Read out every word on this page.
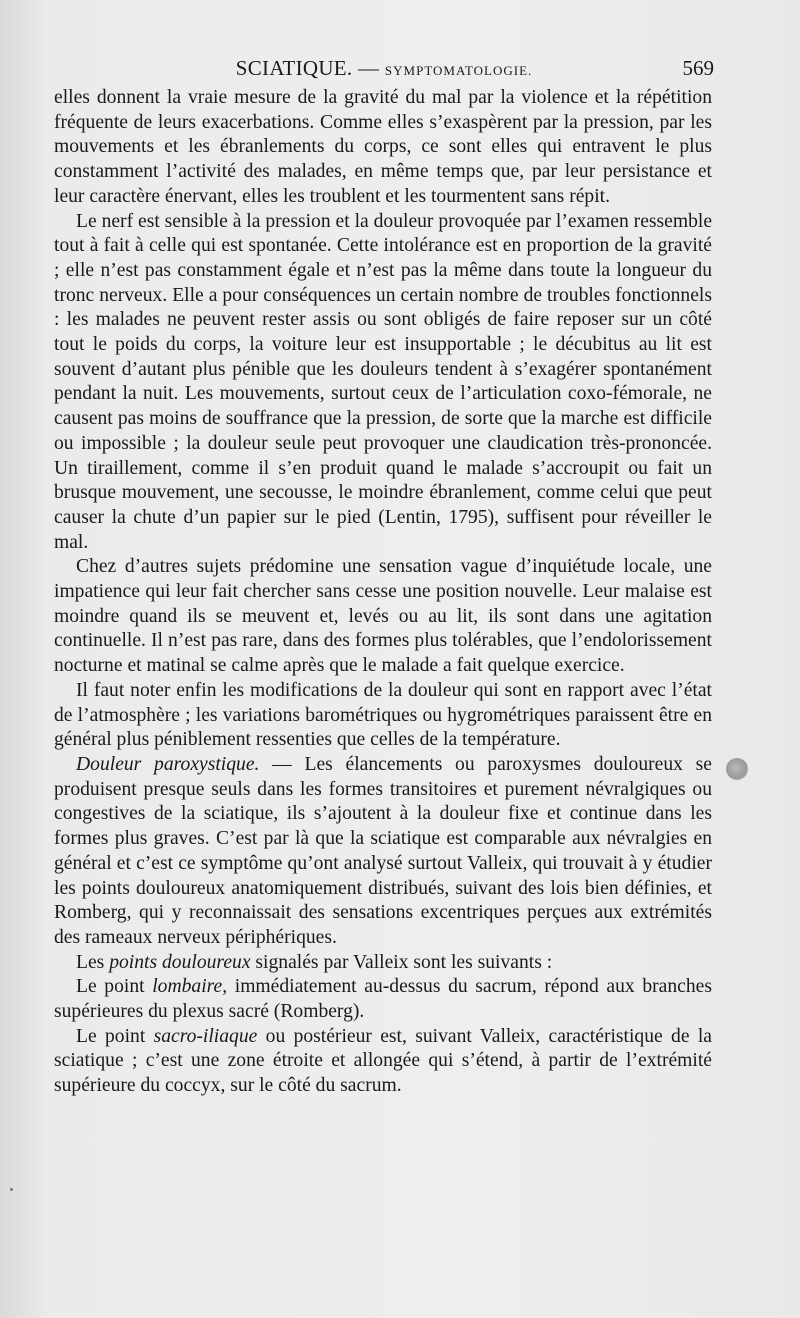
SCIATIQUE. — SYMPTOMATOLOGIE.	569

elles donnent la vraie mesure de la gravité du mal par la violence et la répétition fréquente de leurs exacerbations. Comme elles s’exaspèrent par la pression, par les mouvements et les ébranlements du corps, ce sont elles qui entravent le plus constamment l’activité des malades, en même temps que, par leur persistance et leur caractère énervant, elles les troublent et les tourmentent sans répit.

Le nerf est sensible à la pression et la douleur provoquée par l’examen ressemble tout à fait à celle qui est spontanée. Cette intolérance est en proportion de la gravité ; elle n’est pas constamment égale et n’est pas la même dans toute la longueur du tronc nerveux. Elle a pour conséquences un certain nombre de troubles fonctionnels : les malades ne peuvent rester assis ou sont obligés de faire reposer sur un côté tout le poids du corps, la voiture leur est insupportable ; le décubitus au lit est souvent d’autant plus pénible que les douleurs tendent à s’exagérer spontanément pendant la nuit. Les mouvements, surtout ceux de l’articulation coxo-fémorale, ne causent pas moins de souffrance que la pression, de sorte que la marche est difficile ou impossible ; la douleur seule peut provoquer une claudication très-prononcée. Un tiraillement, comme il s’en produit quand le malade s’accroupit ou fait un brusque mouvement, une secousse, le moindre ébranlement, comme celui que peut causer la chute d’un papier sur le pied (Lentin, 1795), suffisent pour réveiller le mal.

Chez d’autres sujets prédomine une sensation vague d’inquiétude locale, une impatience qui leur fait chercher sans cesse une position nouvelle. Leur malaise est moindre quand ils se meuvent et, levés ou au lit, ils sont dans une agitation continuelle. Il n’est pas rare, dans des formes plus tolérables, que l’endolorissement nocturne et matinal se calme après que le malade a fait quelque exercice.

Il faut noter enfin les modifications de la douleur qui sont en rapport avec l’état de l’atmosphère ; les variations barométriques ou hygrométriques paraissent être en général plus péniblement ressenties que celles de la température.

Douleur paroxystique. — Les élancements ou paroxysmes douloureux se produisent presque seuls dans les formes transitoires et purement névralgiques ou congestives de la sciatique, ils s’ajoutent à la douleur fixe et continue dans les formes plus graves. C’est par là que la sciatique est comparable aux névralgies en général et c’est ce symptôme qu’ont analysé surtout Valleix, qui trouvait à y étudier les points douloureux anatomiquement distribués, suivant des lois bien définies, et Romberg, qui y reconnaissait des sensations excentriques perçues aux extrémités des rameaux nerveux périphériques.

Les points douloureux signalés par Valleix sont les suivants :

Le point lombaire, immédiatement au-dessus du sacrum, répond aux branches supérieures du plexus sacré (Romberg).

Le point sacro-iliaque ou postérieur est, suivant Valleix, caractéristique de la sciatique ; c’est une zone étroite et allongée qui s’étend, à partir de l’extrémité supérieure du coccyx, sur le côté du sacrum.
